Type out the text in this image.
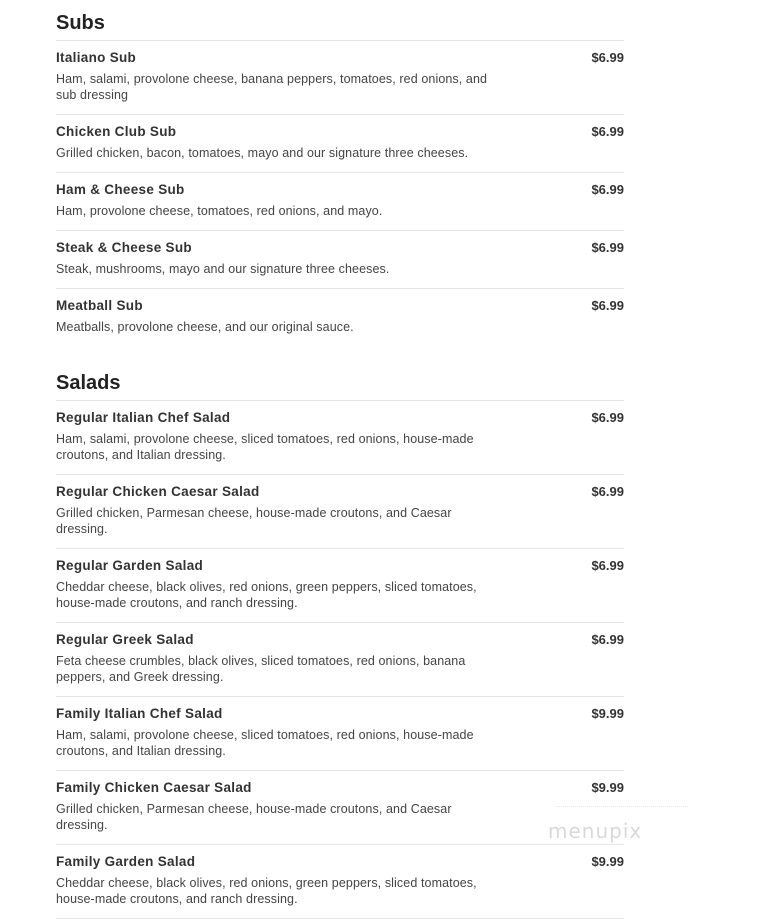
Subs
Italiano Sub	$6.99
Ham, salami, provolone cheese, banana peppers, tomatoes, red onions, and sub dressing
Chicken Club Sub	$6.99
Grilled chicken, bacon, tomatoes, mayo and our signature three cheeses.
Ham & Cheese Sub	$6.99
Ham, provolone cheese, tomatoes, red onions, and mayo.
Steak & Cheese Sub	$6.99
Steak, mushrooms, mayo and our signature three cheeses.
Meatball Sub	$6.99
Meatballs, provolone cheese, and our original sauce.
Salads
Regular Italian Chef Salad	$6.99
Ham, salami, provolone cheese, sliced tomatoes, red onions, house-made croutons, and Italian dressing.
Regular Chicken Caesar Salad	$6.99
Grilled chicken, Parmesan cheese, house-made croutons, and Caesar dressing.
Regular Garden Salad	$6.99
Cheddar cheese, black olives, red onions, green peppers, sliced tomatoes, house-made croutons, and ranch dressing.
Regular Greek Salad	$6.99
Feta cheese crumbles, black olives, sliced tomatoes, red onions, banana peppers, and Greek dressing.
Family Italian Chef Salad	$9.99
Ham, salami, provolone cheese, sliced tomatoes, red onions, house-made croutons, and Italian dressing.
Family Chicken Caesar Salad	$9.99
Grilled chicken, Parmesan cheese, house-made croutons, and Caesar dressing.
Family Garden Salad	$9.99
Cheddar cheese, black olives, red onions, green peppers, sliced tomatoes, house-made croutons, and ranch dressing.
menupix
